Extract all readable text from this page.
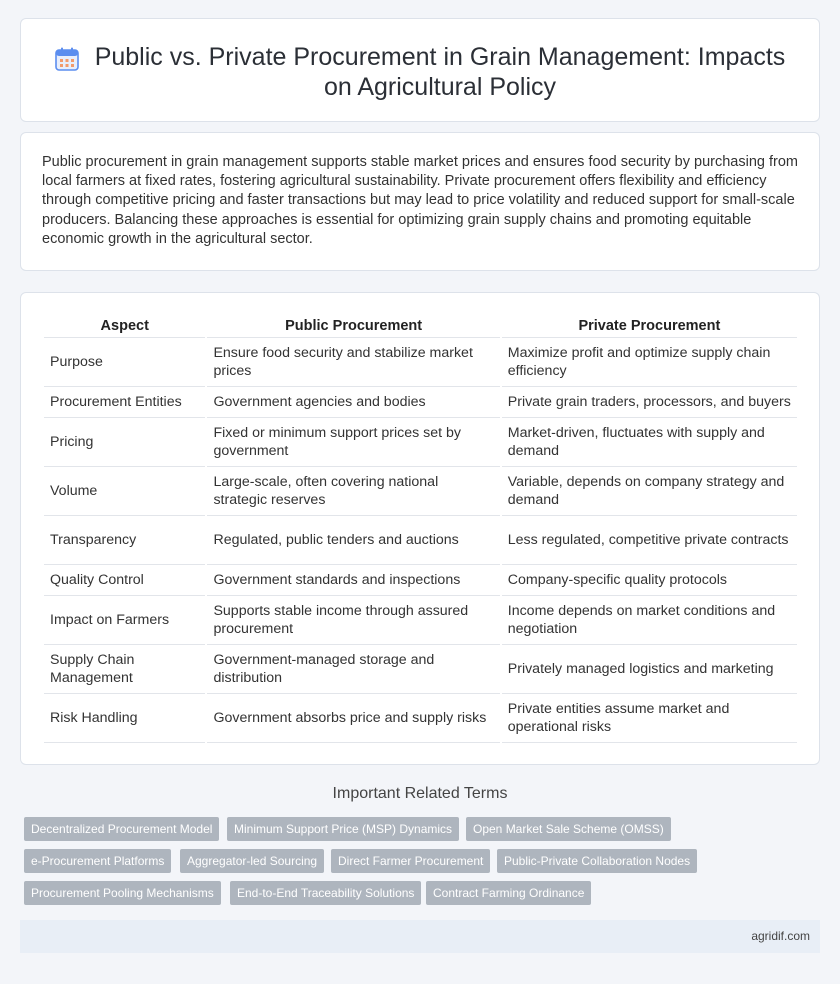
Public vs. Private Procurement in Grain Management: Impacts on Agricultural Policy

Public procurement in grain management supports stable market prices and ensures food security by purchasing from local farmers at fixed rates, fostering agricultural sustainability. Private procurement offers flexibility and efficiency through competitive pricing and faster transactions but may lead to price volatility and reduced support for small-scale producers. Balancing these approaches is essential for optimizing grain supply chains and promoting equitable economic growth in the agricultural sector.

Aspect	Public Procurement	Private Procurement
Purpose	Ensure food security and stabilize market prices	Maximize profit and optimize supply chain efficiency
Procurement Entities	Government agencies and bodies	Private grain traders, processors, and buyers
Pricing	Fixed or minimum support prices set by government	Market-driven, fluctuates with supply and demand
Volume	Large-scale, often covering national strategic reserves	Variable, depends on company strategy and demand
Transparency	Regulated, public tenders and auctions	Less regulated, competitive private contracts
Quality Control	Government standards and inspections	Company-specific quality protocols
Impact on Farmers	Supports stable income through assured procurement	Income depends on market conditions and negotiation
Supply Chain Management	Government-managed storage and distribution	Privately managed logistics and marketing
Risk Handling	Government absorbs price and supply risks	Private entities assume market and operational risks
Important Related Terms
Decentralized Procurement Model	Minimum Support Price (MSP) Dynamics	Open Market Sale Scheme (OMSS)
e-Procurement Platforms	Aggregator-led Sourcing	Direct Farmer Procurement	Public-Private Collaboration Nodes
Procurement Pooling Mechanisms	End-to-End Traceability Solutions	Contract Farming Ordinance
agridif.com
